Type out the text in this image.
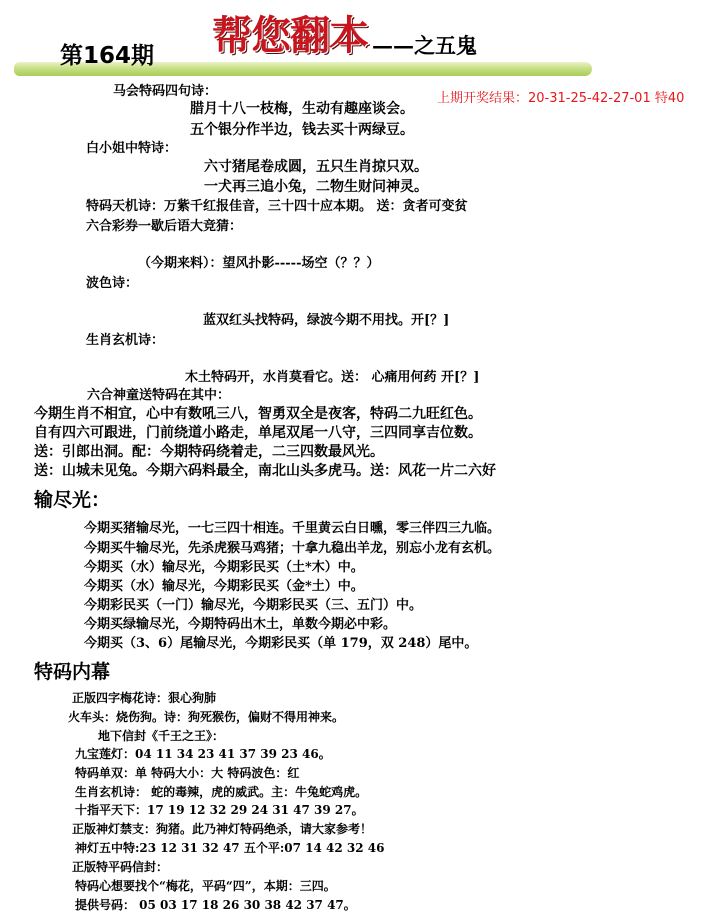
第164期 帮您翻本 ——之五鬼
上期开奖结果：20-31-25-42-27-01 特40
马会特码四句诗：
腊月十八一枝梅，生动有趣座谈会。
五个银分作半边，钱去买十两绿豆。
白小姐中特诗：
六寸猪尾卷成圆，五只生肖掠只双。
一犬再三追小兔，二物生财问神灵。
特码天机诗：万紫千红报佳音，三十四十应本期。 送：贪者可变贫
六合彩券一歇后语大竞猜：
（今期来料）：望风扑影-----场空（？？）
波色诗：
蓝双红头找特码，绿波今期不用找。开[？]
生肖玄机诗：
木土特码开，水肖莫看它。送： 心痛用何药 开[？]
六合神童送特码在其中：
今期生肖不相宜，心中有数吼三八，智勇双全是夜客，特码二九旺红色。
自有四六可跟进，门前绕道小路走，单尾双尾一八守，三四同享吉位数。
送：引郎出洞。配：今期特码绕着走，二三四数最风光。
送：山城未见兔。今期六码料最全，南北山头多虎马。送：风花一片二六好
输尽光：
今期买猪输尽光，一七三四十相连。千里黄云白日曛，零三伴四三九临。
今期买牛输尽光，先杀虎猴马鸡猪；十拿九稳出羊龙，别忘小龙有玄机。
今期买（水）输尽光，今期彩民买（土*木）中。
今期买（水）输尽光，今期彩民买（金*土）中。
今期彩民买（一门）输尽光，今期彩民买（三、五门）中。
今期买绿输尽光，今期特码出木土，单数今期必中彩。
今期买（3、6）尾输尽光，今期彩民买（单 179，双 248）尾中。
特码内幕
正版四字梅花诗：狠心狗肺
火车头：烧伤狗。诗：狗死猴伤，偏财不得用神来。
地下信封《千王之王》：
九宝莲灯：04 11 34 23 41 37 39 23 46。
特码单双：单 特码大小：大 特码波色：红
生肖玄机诗： 蛇的毒辣，虎的威武。主：牛兔蛇鸡虎。
十指平天下：17 19 12 32 29 24 31 47 39 27。
正版神灯禁支：狗猪。此乃神灯特码绝杀，请大家参考！
神灯五中特:23 12 31 32 47 五个平:07 14 42 32 46
正版特平码信封：
特码心想要找个“梅花，平码“四”，本期：三四。
提供号码： 05 03 17 18 26 30 38 42 37 47。
